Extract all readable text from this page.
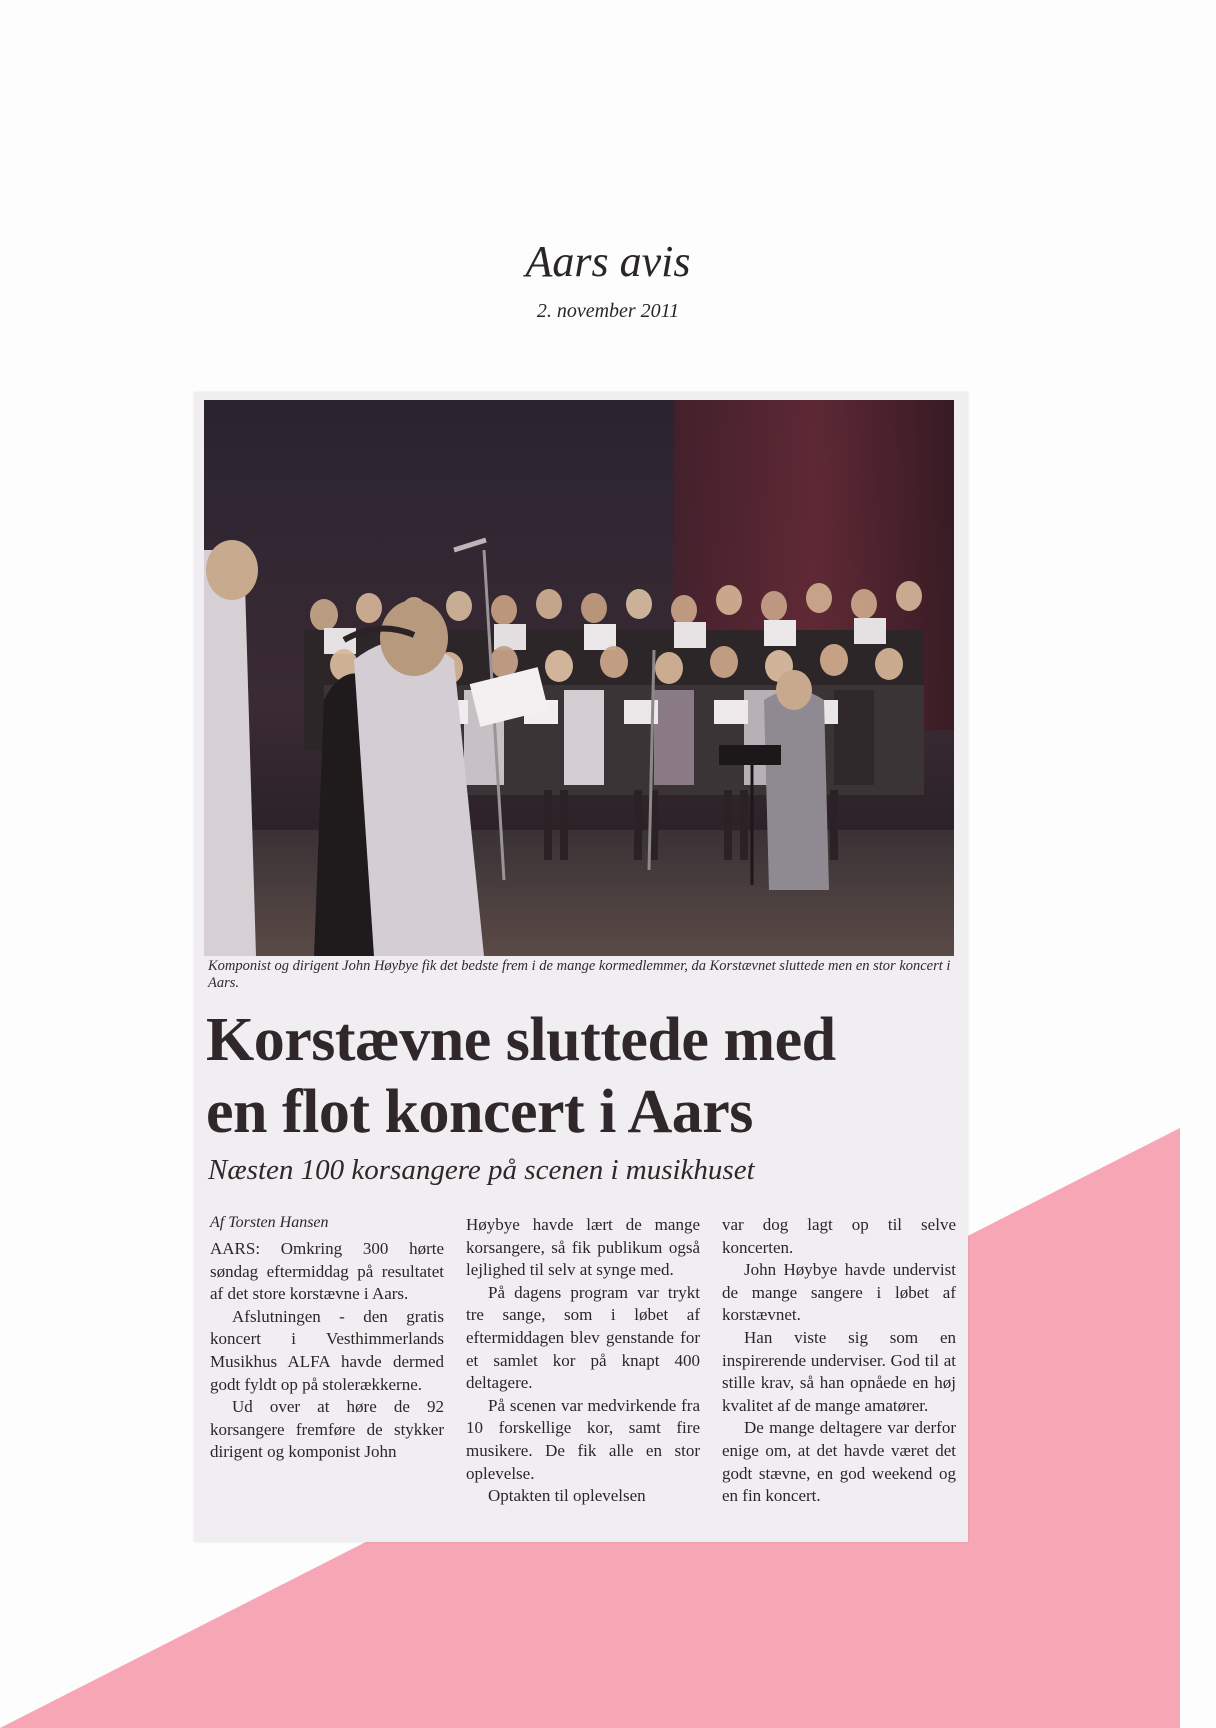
Aars avis
2. november 2011
Komponist og dirigent John Høybye fik det bedste frem i de mange kormedlemmer, da Korstævnet sluttede men en stor koncert i Aars.
Korstævne sluttede med
en flot koncert i Aars
Næsten 100 korsangere på scenen i musikhuset
Af Torsten Hansen

AARS: Omkring 300 hørte søndag eftermiddag på resultatet af det store korstævne i Aars.

Afslutningen - den gratis koncert i Vesthimmerlands Musikhus ALFA havde dermed godt fyldt op på stolerækkerne.

Ud over at høre de 92 korsangere fremføre de stykker dirigent og komponist John

Høybye havde lært de mange korsangere, så fik publikum også lejlighed til selv at synge med.

På dagens program var trykt tre sange, som i løbet af eftermiddagen blev genstande for et samlet kor på knapt 400 deltagere.

På scenen var medvirkende fra 10 forskellige kor, samt fire musikere. De fik alle en stor oplevelse.

Optakten til oplevelsen

var dog lagt op til selve koncerten.

John Høybye havde undervist de mange sangere i løbet af korstævnet.

Han viste sig som en inspirerende underviser. God til at stille krav, så han opnåede en høj kvalitet af de mange amatører.

De mange deltagere var derfor enige om, at det havde været det godt stævne, en god weekend og en fin koncert.
